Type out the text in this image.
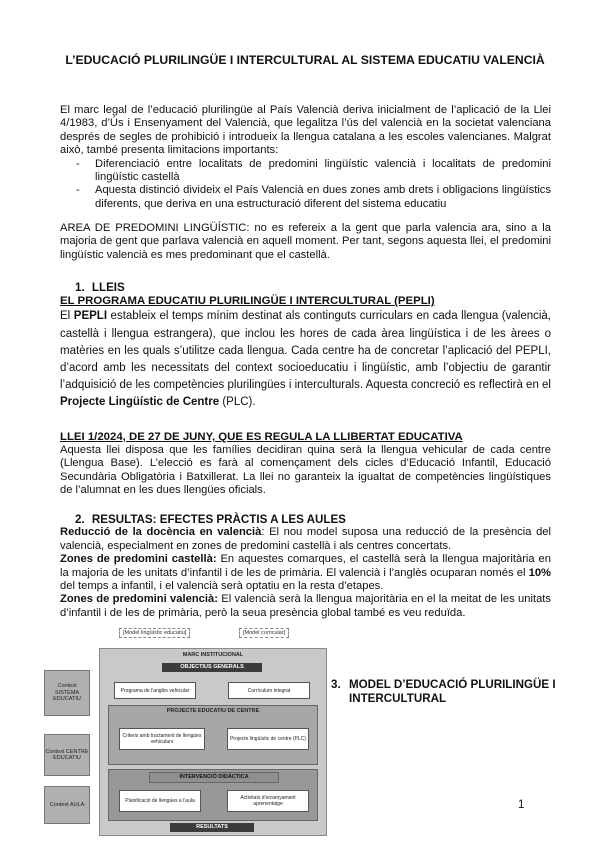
L’EDUCACIÓ PLURILINGÜE I INTERCULTURAL AL SISTEMA EDUCATIU VALENCIÀ

El marc legal de l’educació plurilingüe al País Valencià deriva inicialment de l’aplicació de la Llei 4/1983, d’Ús i Ensenyament del Valencià, que legalitza l’ús del valencià en la societat valenciana després de segles de prohibició i introdueix la llengua catalana a les escoles valencianes. Malgrat això, també presenta limitacions importants:

- Diferenciació entre localitats de predomini lingüístic valencià i localitats de predomini lingüístic castellà
- Aquesta distinció divideix el País Valencià en dues zones amb drets i obligacions lingüístics diferents, que deriva en una estructuració diferent del sistema educatiu

AREA DE PREDOMINI LINGÜÍSTIC: no es refereix a la gent que parla valencia ara, sino a la majoria de gent que parlava valencià en aquell moment. Per tant, segons aquesta llei, el predomini lingüístic valencià es mes predominant que el castellà.

1. LLEIS
EL PROGRAMA EDUCATIU PLURILINGÜE I INTERCULTURAL (PEPLI)

El PEPLI estableix el temps mínim destinat als continguts curriculars en cada llengua (valencià, castellà i llengua estrangera), que inclou les hores de cada àrea lingüística i de les àrees o matèries en les quals s’utilitze cada llengua. Cada centre ha de concretar l’aplicació del PEPLI, d’acord amb les necessitats del context socioeducatiu i lingüístic, amb l’objectiu de garantir l’adquisició de les competències plurilingües i interculturals. Aquesta concreció es reflectirà en el Projecte Lingüístic de Centre (PLC).

LLEI 1/2024, DE 27 DE JUNY, QUE ES REGULA LA LLIBERTAT EDUCATIVA

Aquesta llei disposa que les famílies decidiran quina serà la llengua vehicular de cada centre (Llengua Base). L’elecció es farà al començament dels cicles d’Educació Infantil, Educació Secundària Obligatòria i Batxillerat. La llei no garanteix la igualtat de competències lingüístiques de l’alumnat en les dues llengües oficials.

2. RESULTAS: EFECTES PRÀCTIS A LES AULES

Reducció de la docència en valencià: El nou model suposa una reducció de la presència del valencià, especialment en zones de predomini castellà i als centres concertats.

Zones de predomini castellà: En aquestes comarques, el castellà serà la llengua majoritària en la majoria de les unitats d’infantil i de les de primària. El valencià i l’anglès ocuparan només el 10% del temps a infantil, i el valencià serà optatiu en la resta d’etapes.

Zones de predomini valencià: El valencià serà la llengua majoritària en el la meitat de les unitats d’infantil i de les de primària, però la seua presència global també es veu reduïda.

[Model lingüístic educatiu]	[Model curricular]
Context SISTEMA EDUCATIU
Context CENTRE EDUCATIU
Context AULA
MARC INSTITUCIONAL
OBJECTIUS GENERALS
Programa de l’anglès vehicular	Currículum integrat
PROJECTE EDUCATIU DE CENTRE
Criteris amb tractament de llengües vehiculars	Projecte lingüístic de centre (PLC)
INTERVENCIÓ DIDÀCTICA
Planificació de llengües a l’aula	Activitats d’ensenyament aprenentatge
RESULTATS
3. MODEL D’EDUCACIÓ PLURILINGÜE I INTERCULTURAL
1
